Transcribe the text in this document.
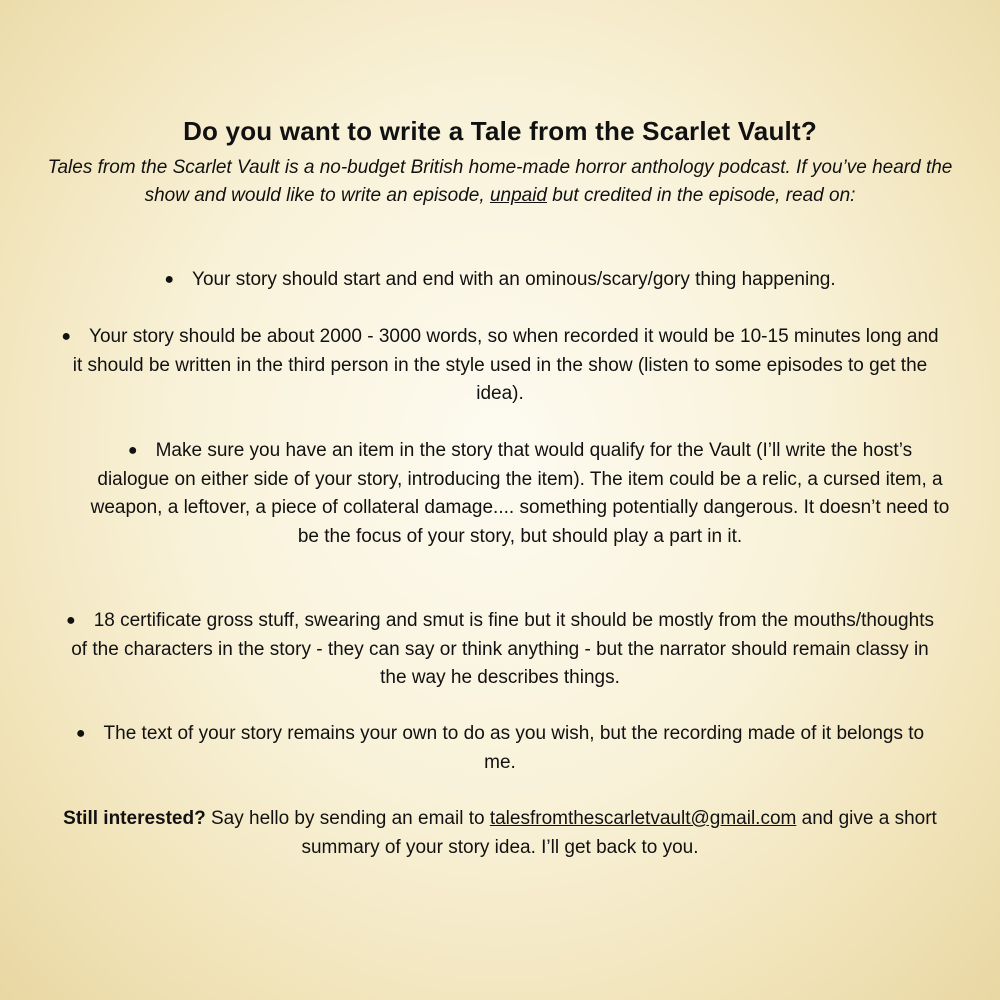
Do you want to write a Tale from the Scarlet Vault?
Tales from the Scarlet Vault is a no-budget British home-made horror anthology podcast. If you’ve heard the show and would like to write an episode, unpaid but credited in the episode, read on:
● Your story should start and end with an ominous/scary/gory thing happening.
● Your story should be about 2000 - 3000 words, so when recorded it would be 10-15 minutes long and it should be written in the third person in the style used in the show (listen to some episodes to get the idea).
● Make sure you have an item in the story that would qualify for the Vault (I’ll write the host’s dialogue on either side of your story, introducing the item). The item could be a relic, a cursed item, a weapon, a leftover, a piece of collateral damage.... something potentially dangerous. It doesn’t need to be the focus of your story, but should play a part in it.
● 18 certificate gross stuff, swearing and smut is fine but it should be mostly from the mouths/thoughts of the characters in the story - they can say or think anything - but the narrator should remain classy in the way he describes things.
● The text of your story remains your own to do as you wish, but the recording made of it belongs to me.
Still interested? Say hello by sending an email to talesfromthescarletvault@gmail.com and give a short summary of your story idea. I’ll get back to you.
